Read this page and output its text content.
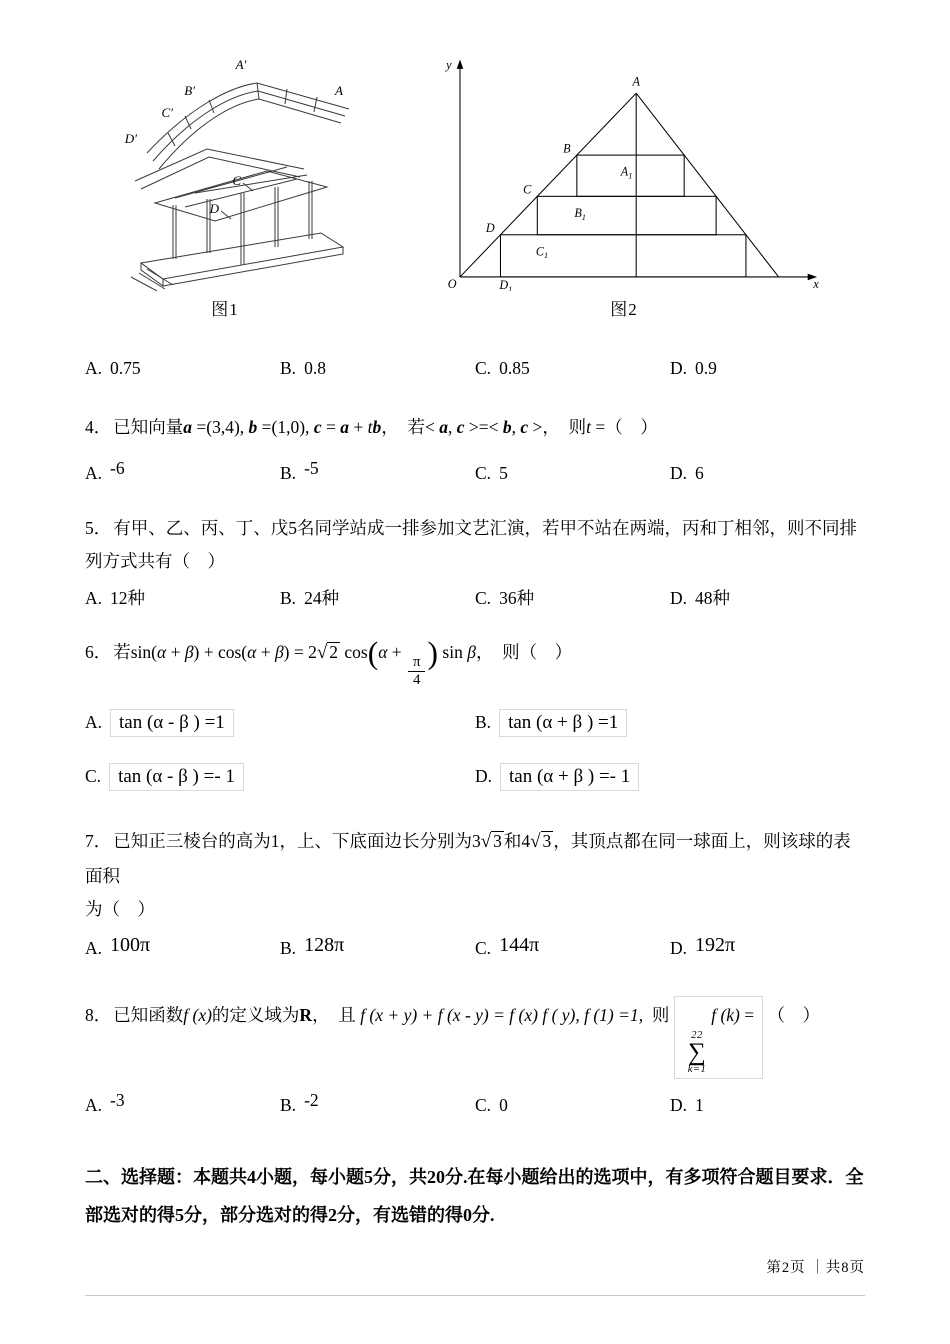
A′
A
B′
C′
D′
C
D
图1
y
x
O
A
B
C
D
$A_1$
$B_1$
$C_1$
$D_1$
图2
A. 0.75	B. 0.8	C. 0.85	D. 0.9
4． 已知向量a =(3,4), b =(1,0), c = a + tb，  若< a, c >=< b, c >，  则t =（　）
A. -6	B. -5	C. 5	D. 6
5． 有甲、乙、丙、丁、戊5名同学站成一排参加文艺汇演，若甲不站在两端，丙和丁相邻，则不同排列方式共有（　）
A. 12种	B. 24种	C. 36种	D. 48种
6． 若sin(α + β) + cos(α + β) = 2√ 2 cos(α +
$\frac{\pi}{4}$
) sin β，  则（　）
A. tan (α - β ) =1	B. tan (α + β ) =1
C. tan (α - β ) =- 1	D. tan (α + β ) =- 1
7． 已知正三棱台的高为1，上、下底面边长分别为3√ 3 和4√ 3 ，其顶点都在同一球面上，则该球的表面积
为（　）
A. 100π	B. 128π	C. 144π	D. 192π
8． 已知函数f (x)的定义域为R，  且 f (x + y) + f (x - y) = f (x) f ( y), f (1) =1,  则
22
∑
k=1
f (k) = （　）
A. -3	B. -2	C. 0	D. 1
二、选择题：本题共4小题，每小题5分，共20分.在每小题给出的选项中，有多项符合题目要求．全部选对的得5分，部分选对的得2分，有选错的得0分.
第2页 ｜共8页
